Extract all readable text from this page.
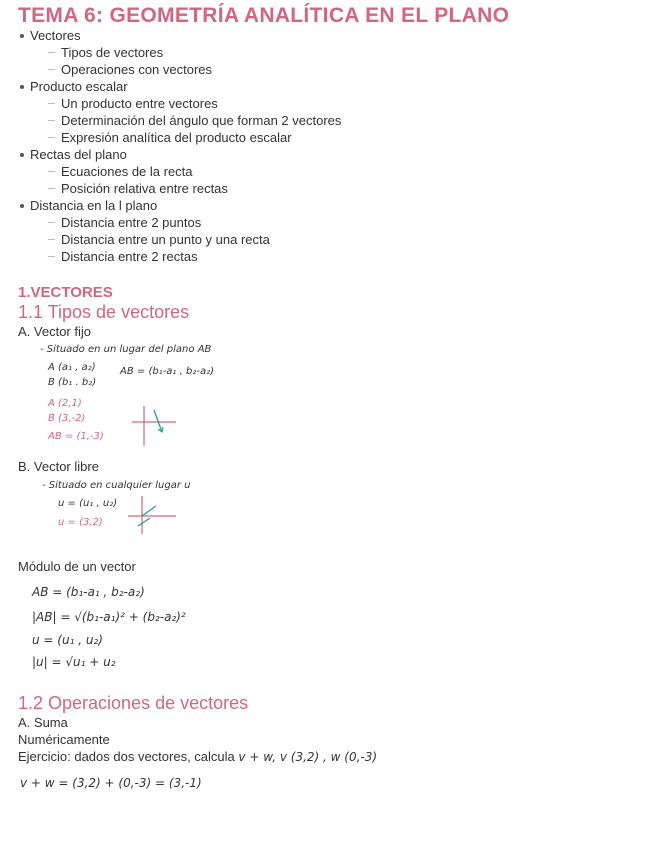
TEMA 6: GEOMETRÍA ANALÍTICA EN EL PLANO
Vectores
Tipos de vectores
Operaciones con vectores
Producto escalar
Un producto entre vectores
Determinación del ángulo que forman 2 vectores
Expresión analítica del producto escalar
Rectas del plano
Ecuaciones de la recta
Posición relativa entre rectas
Distancia en la l plano
Distancia entre 2 puntos
Distancia entre un punto y una recta
Distancia entre 2 rectas
1.VECTORES
1.1 Tipos de vectores
A. Vector fijo
- Situado en un lugar del plano AB
A (a₁ , a₂) AB = (b₁-a₁ , b₂-a₂)
B (b₁ . b₂)
A (2,1)
B (3,-2)
AB = (1,-3)
B. Vector libre
- Situado en cualquier lugar u
u = (u₁ , u₂)
u = (3,2)
Módulo de un vector
AB = (b₁-a₁ , b₂-a₂)
|AB| = √(b₁-a₁)² + (b₂-a₂)²
u = (u₁ , u₂)
|u| = √u₁ + u₂
1.2 Operaciones de vectores
A. Suma
Numéricamente
Ejercicio: dados dos vectores, calcula v + w, v (3,2) , w (0,-3)
v + w = (3,2) + (0,-3) = (3,-1)
